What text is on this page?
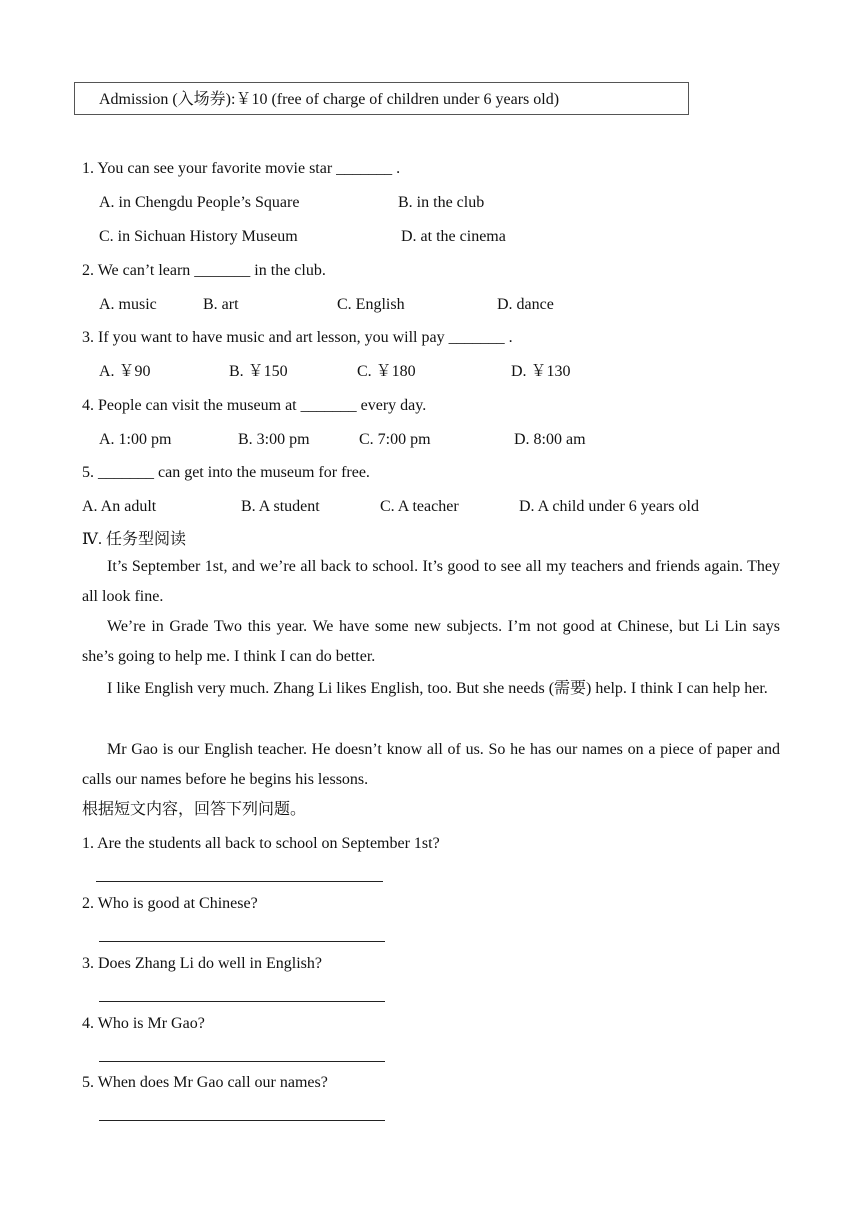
Admission (入场券):￥10 (free of charge of children under 6 years old)
1. You can see your favorite movie star _______ .
A. in Chengdu People’s Square	B. in the club
C. in Sichuan History Museum	D. at the cinema
2. We can’t learn _______ in the club.
A. music	B. art	C. English	D. dance
3. If you want to have music and art lesson, you will pay _______ .
A. ￥90	B. ￥150	C. ￥180	D. ￥130
4. People can visit the museum at _______ every day.
A. 1:00 pm	B. 3:00 pm	C. 7:00 pm	D. 8:00 am
5. _______ can get into the museum for free.
A. An adult	B. A student	C. A teacher	D. A child under 6 years old
Ⅳ. 任务型阅读
It’s September 1st, and we’re all back to school. It’s good to see all my teachers and friends again. They all look fine.
We’re in Grade Two this year. We have some new subjects. I’m not good at Chinese, but Li Lin says she’s going to help me. I think I can do better.
I like English very much. Zhang Li likes English, too. But she needs (需要) help. I think I can help her.
Mr Gao is our English teacher. He doesn’t know all of us. So he has our names on a piece of paper and calls our names before he begins his lessons.
根据短文内容，回答下列问题。
1. Are the students all back to school on September 1st?
2. Who is good at Chinese?
3. Does Zhang Li do well in English?
4. Who is Mr Gao?
5. When does Mr Gao call our names?
